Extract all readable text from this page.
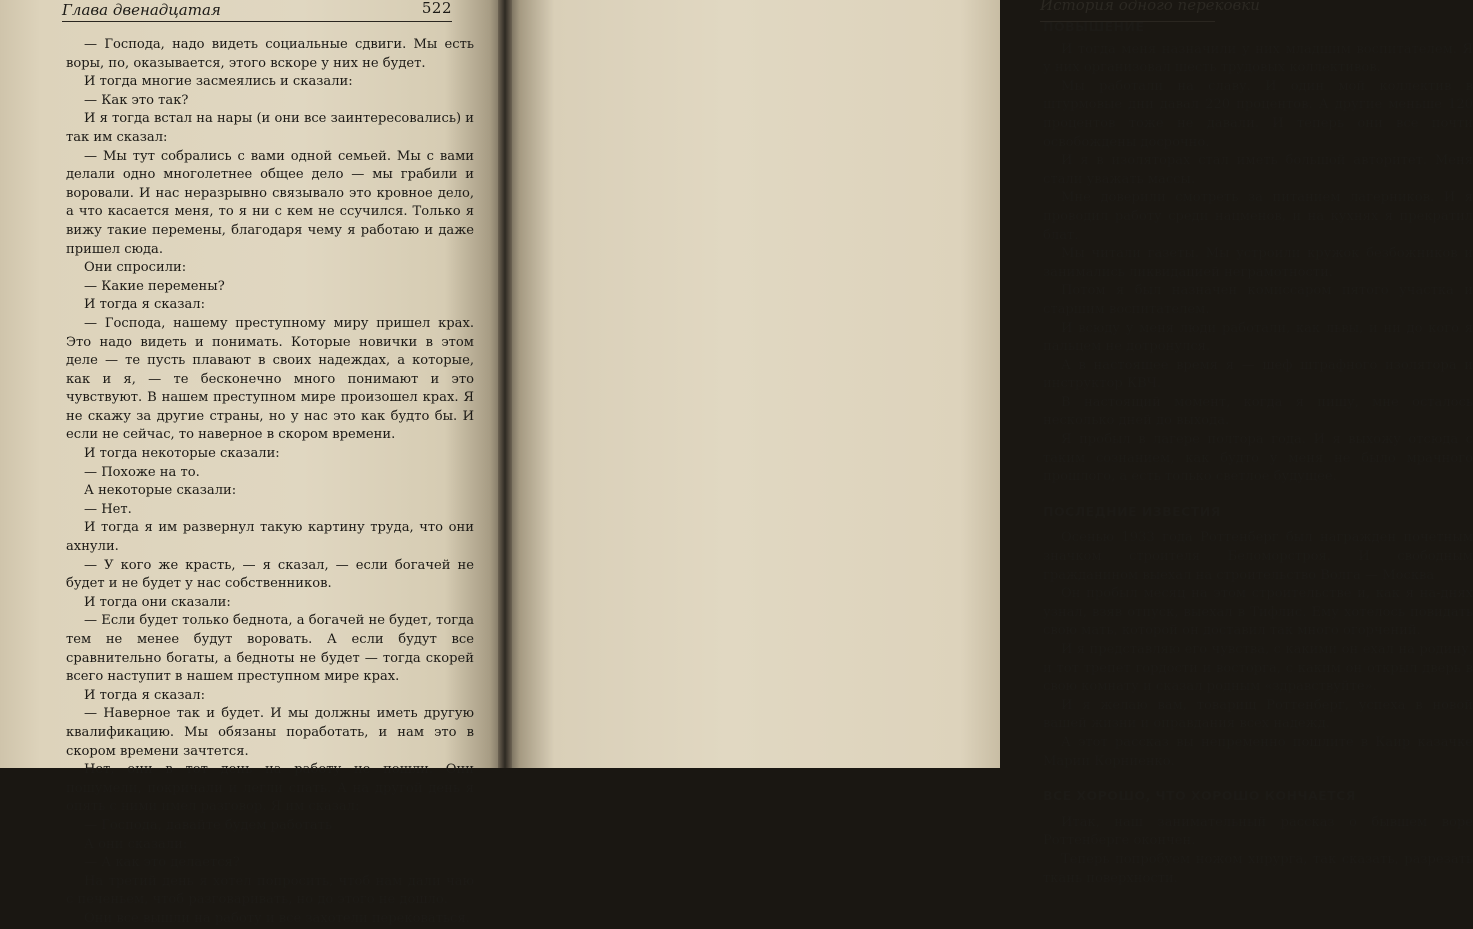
Глава двенадцатая	522

— Господа, надо видеть социальные сдвиги. Мы есть воры, по, оказывается, этого вскоре у них не будет.

И тогда многие засмеялись и сказали:

— Как это так?

И я тогда встал на нары (и они все заинтересовались) и так им сказал:

— Мы тут собрались с вами одной семьей. Мы с вами делали одно многолетнее общее дело — мы грабили и воровали. И нас неразрывно связывало это кровное дело, а что касается меня, то я ни с кем не ссучился. Только я вижу такие перемены, благодаря чему я работаю и даже пришел сюда.

Они спросили:

— Какие перемены?

И тогда я сказал:

— Господа, нашему преступному миру пришел крах. Это надо видеть и понимать. Которые новички в этом деле — те пусть плавают в своих надеждах, а которые, как и я, — те бесконечно много понимают и это чувствуют. В нашем преступном мире произошел крах. Я не скажу за другие страны, но у нас это как будто бы. И если не сейчас, то наверное в скором времени.

И тогда некоторые сказали:

— Похоже на то.

А некоторые сказали:

— Нет.

И тогда я им развернул такую картину труда, что они ахнули.

— У кого же красть, — я сказал, — если богачей не будет и не будет у нас собственников.

И тогда они сказали:

— Если будет только беднота, а богачей не будет, тогда тем не менее будут воровать. А если будут все сравнительно богаты, а бедноты не будет — тогда скорей всего наступит в нашем преступном мире крах.

И тогда я сказал:

— Наверное так и будет. И мы должны иметь другую квалификацию. Мы обязаны поработать, и нам это в скором времени зачтется.

Нет, они в тот день на работу не пошли. Они пошумели, покричали и легли спать. А на другой день я опять с ними имел разговор. Я им сказал:

— Господа, давайте будем работать

А они сказали:

— А как это делается?

На третий день я хотел попросить, чтоб нам дали чаю с печеньем, чтоб разговаривать, но до этого не дошло.

Они все вышли на работу и все захотели перековаться.

История одного перековки
ПОВЫШЕНИЕ

И тогда меня назначили у них младшим воспитателем. Я у них организовал шесть трудовых коллективов.

Мы работали на славу. И один мой коллектив в штурмовые дни давал 220 процентов. А другие меньше 120 процентов тоже не давали. И теперь они все почти освобождены досрочно.

И я в изоляторах стал иметь большой авторитет. Меня стали уважать массы.

Мне доверили смотреть за питанием лагерников. И я проводил работу среди нацменов, и на кухнях я прекратил блат.

Мы читали газеты. Мы устроили кружок безбожников и занимались ликвидацией неграмотности.

Потом я был назначен комиссаром пятого участка и старшим воспитателем.

И всюду у меня люди работали, как львы, и ни до кого я пальцем не дотронулся.

А в настоящее время я — шеф штрафного изолятора и инструктор КВЧ.

В настоящий момент, когда я пишу, мне осталось несколько дней до выхода.

Я пробыл в лагере полтора года. И я выхожу отсюда с таким сознанием, как будто у меня не было мрачного прошлого, а есть только светлое будущее.

ПОСЛЕДНИЕ ИЗВЕСТИЯ

Осенью 1933 года Роттенберг был награжден почетным значком строителя Беломорстроя. И свободным гражданином выехал на строительство Волга — Москва

Он пробыл месяц на этом строительстве и, как я на-днях узнал, взяв отпуск, выехал в Тифлис. Ему хотелось повидать свою мать, которой он доставил так много огорчений.

И я представляю его чувства, с какими он ехал на родину, и тот трепет гордости и восторга, с каким он открыл дверь в свою комнату и сказал родным «здравствуйте».

И я желаю вам, товарищ Роттенберг, успеха в новой вашей жизни и оправдания всех надежд.

А этот рассказ вы непременно пошлите в Каир казачке Марии Корниенко.

ВСЕ ХОРОШО, ЧТО ХОРОШО КОНЧАЕТСЯ

Итак, наш занимательный рассказ о бывшем воре Роттенберге окончен.

Теперь попробуем ножом хирурга, так сказать, разрезать ткань поверхности.
